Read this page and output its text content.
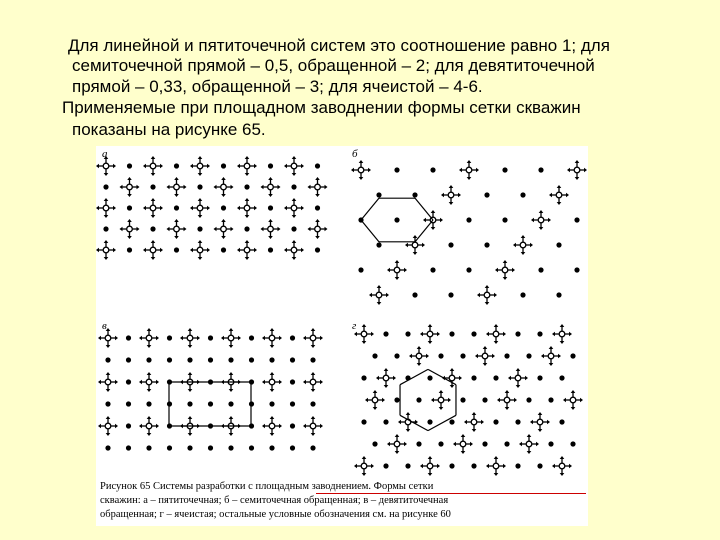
Для линейной и пятиточечной систем это соотношение равно 1; для
семиточечной прямой – 0,5, обращенной – 2; для девятиточечной
прямой – 0,33, обращенной – 3; для ячеистой – 4-6.
Применяемые при площадном заводнении формы сетки скважин
показаны на рисунке 65.
а	б
в	г
Рисунок 65 Системы разработки с площадным заводнением. Формы сетки
скважин: а – пятиточечная; б – семиточечная обращенная; в – девятиточечная
обращенная; г – ячеистая; остальные условные обозначения см. на рисунке 60
